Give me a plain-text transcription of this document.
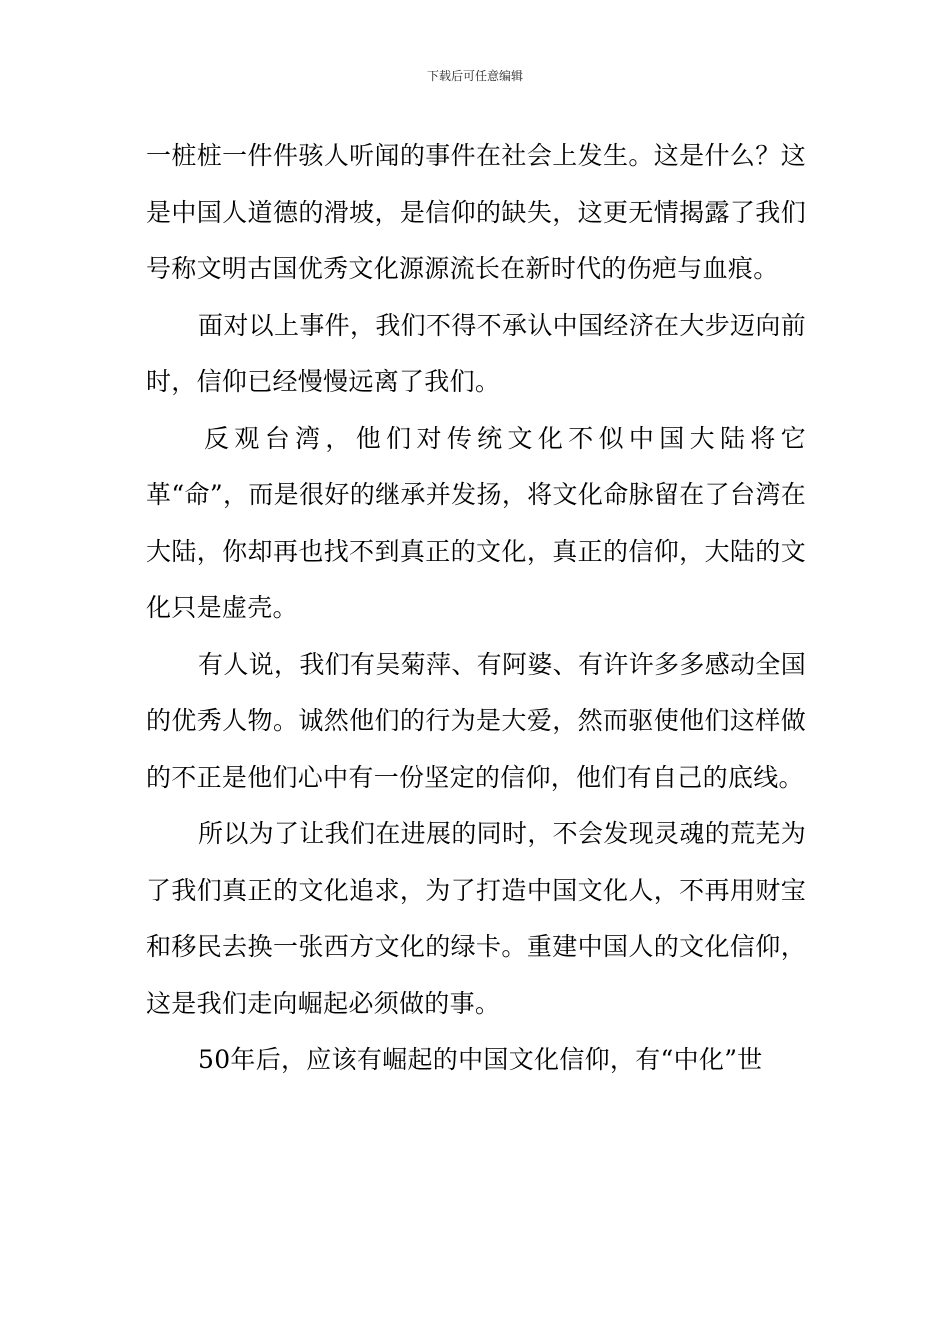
下载后可任意编辑

一桩桩一件件骇人听闻的事件在社会上发生。这是什么？这是中国人道德的滑坡，是信仰的缺失，这更无情揭露了我们号称文明古国优秀文化源源流长在新时代的伤疤与血痕。

面对以上事件，我们不得不承认中国经济在大步迈向前时，信仰已经慢慢远离了我们。

反观台湾，他们对传统文化不似中国大陆将它革“命”，而是很好的继承并发扬，将文化命脉留在了台湾在大陆，你却再也找不到真正的文化，真正的信仰，大陆的文化只是虚壳。

有人说，我们有吴菊萍、有阿婆、有许许多多感动全国的优秀人物。诚然他们的行为是大爱，然而驱使他们这样做的不正是他们心中有一份坚定的信仰，他们有自己的底线。

所以为了让我们在进展的同时，不会发现灵魂的荒芜为了我们真正的文化追求，为了打造中国文化人，不再用财宝和移民去换一张西方文化的绿卡。重建中国人的文化信仰，这是我们走向崛起必须做的事。

50年后，应该有崛起的中国文化信仰，有“中化”世
